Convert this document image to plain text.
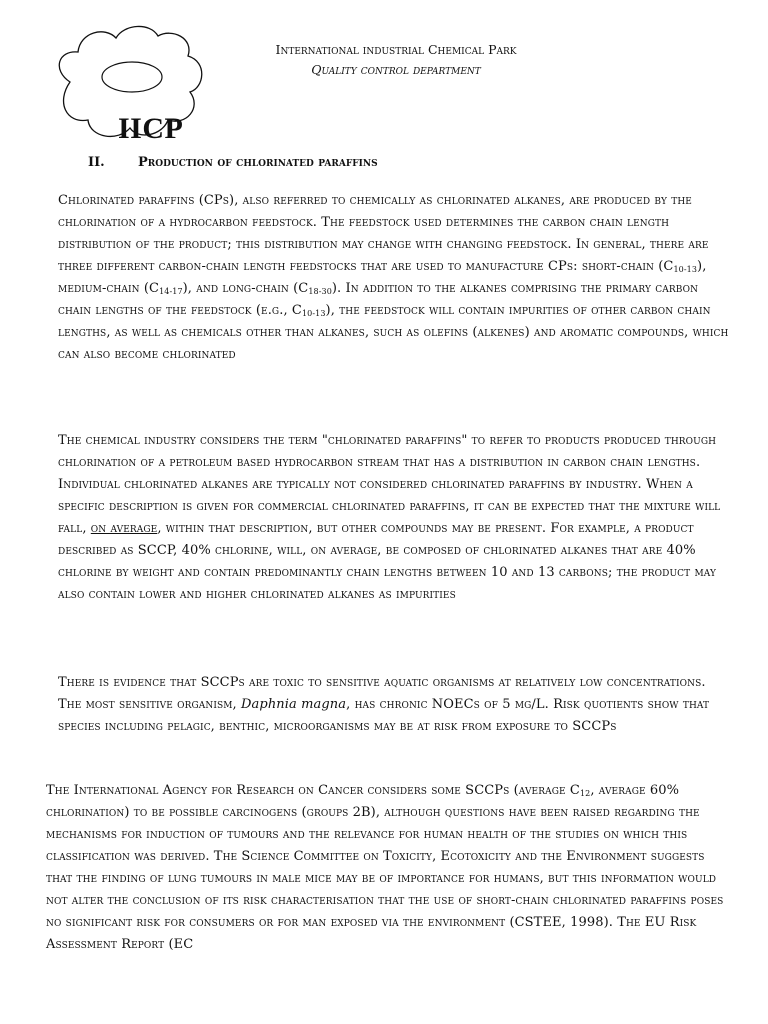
IICP
International industrial Chemical Park
Quality control department
II.	Production of chlorinated paraffins

Chlorinated paraffins (CPs), also referred to chemically as chlorinated alkanes, are produced by the chlorination of a hydrocarbon feedstock. The feedstock used determines the carbon chain length distribution of the product; this distribution may change with changing feedstock. In general, there are three different carbon-chain length feedstocks that are used to manufacture CPs: short-chain $(C_{10-13})$, medium-chain $(C_{14-17})$, and long-chain $(C_{18-30})$. In addition to the alkanes comprising the primary carbon chain lengths of the feedstock (e.g., $C_{10-13}$), the feedstock will contain impurities of other carbon chain lengths, as well as chemicals other than alkanes, such as olefins (alkenes) and aromatic compounds, which can also become chlorinated

The chemical industry considers the term "chlorinated paraffins" to refer to products produced through chlorination of a petroleum based hydrocarbon stream that has a distribution in carbon chain lengths. Individual chlorinated alkanes are typically not considered chlorinated paraffins by industry. When a specific description is given for commercial chlorinated paraffins, it can be expected that the mixture will fall, on average, within that description, but other compounds may be present. For example, a product described as SCCP, 40% chlorine, will, on average, be composed of chlorinated alkanes that are 40% chlorine by weight and contain predominantly chain lengths between 10 and 13 carbons; the product may also contain lower and higher chlorinated alkanes as impurities

There is evidence that SCCPs are toxic to sensitive aquatic organisms at relatively low concentrations. The most sensitive organism, Daphnia magna, has chronic NOECs of 5 µg/L. Risk quotients show that species including pelagic, benthic, microorganisms may be at risk from exposure to SCCPs

The International Agency for Research on Cancer considers some SCCPs (average $C_{12}$, average 60% chlorination) to be possible carcinogens (groups 2B), although questions have been raised regarding the mechanisms for induction of tumours and the relevance for human health of the studies on which this classification was derived. The Science Committee on Toxicity, Ecotoxicity and the Environment suggests that the finding of lung tumours in male mice may be of importance for humans, but this information would not alter the conclusion of its risk characterisation that the use of short-chain chlorinated paraffins poses no significant risk for consumers or for man exposed via the environment (CSTEE, 1998). The EU Risk Assessment Report (EC
